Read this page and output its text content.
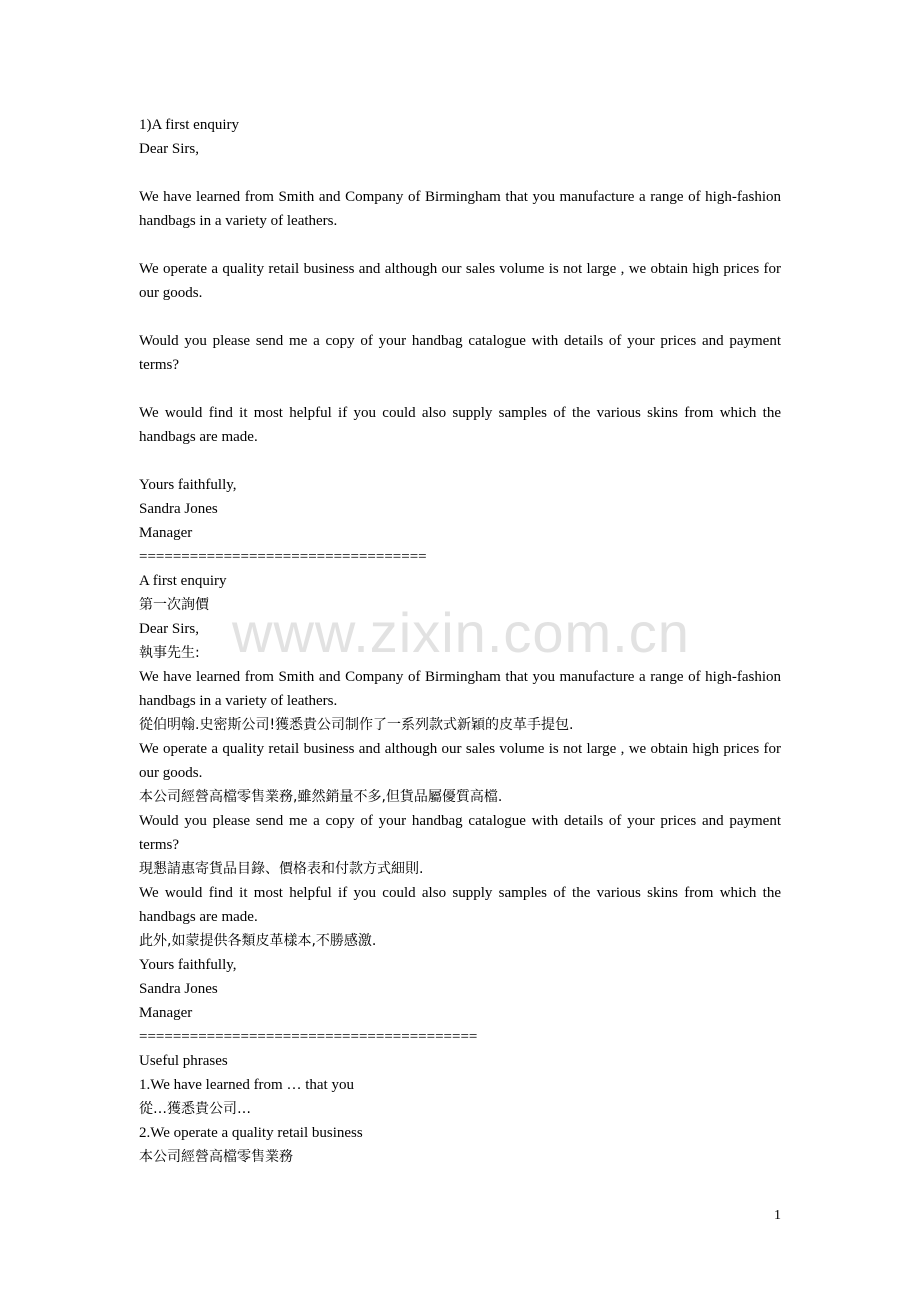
www.zixin.com.cn
1)A first enquiry
Dear Sirs,
We have learned from Smith and Company of Birmingham that you manufacture a range of high-fashion handbags in a variety of leathers.
We operate a quality retail business and although our sales volume is not large , we obtain high prices for our goods.
Would you please send me a copy of your handbag catalogue with details of your prices and payment terms?
We would find it most helpful if you could also supply samples of the various skins from which the handbags are made.
Yours faithfully,
Sandra Jones
Manager
==================================
A first enquiry
第一次詢價
Dear Sirs,
執事先生:
We have learned from Smith and Company of Birmingham that you manufacture a range of high-fashion handbags in a variety of leathers.
從伯明翰.史密斯公司!獲悉貴公司制作了一系列款式新穎的皮革手提包.
We operate a quality retail business and although our sales volume is not large , we obtain high prices for our goods.
本公司經營高檔零售業務,雖然銷量不多,但貨品屬優質高檔.
Would you please send me a copy of your handbag catalogue with details of your prices and payment terms?
現懇請惠寄貨品目錄、價格表和付款方式細則.
We would find it most helpful if you could also supply samples of the various skins from which the handbags are made.
此外,如蒙提供各類皮革樣本,不勝感激.
Yours faithfully,
Sandra Jones
Manager
========================================
Useful phrases
1.We have learned from … that you
從…獲悉貴公司…
2.We operate a quality retail business
本公司經營高檔零售業務
1
